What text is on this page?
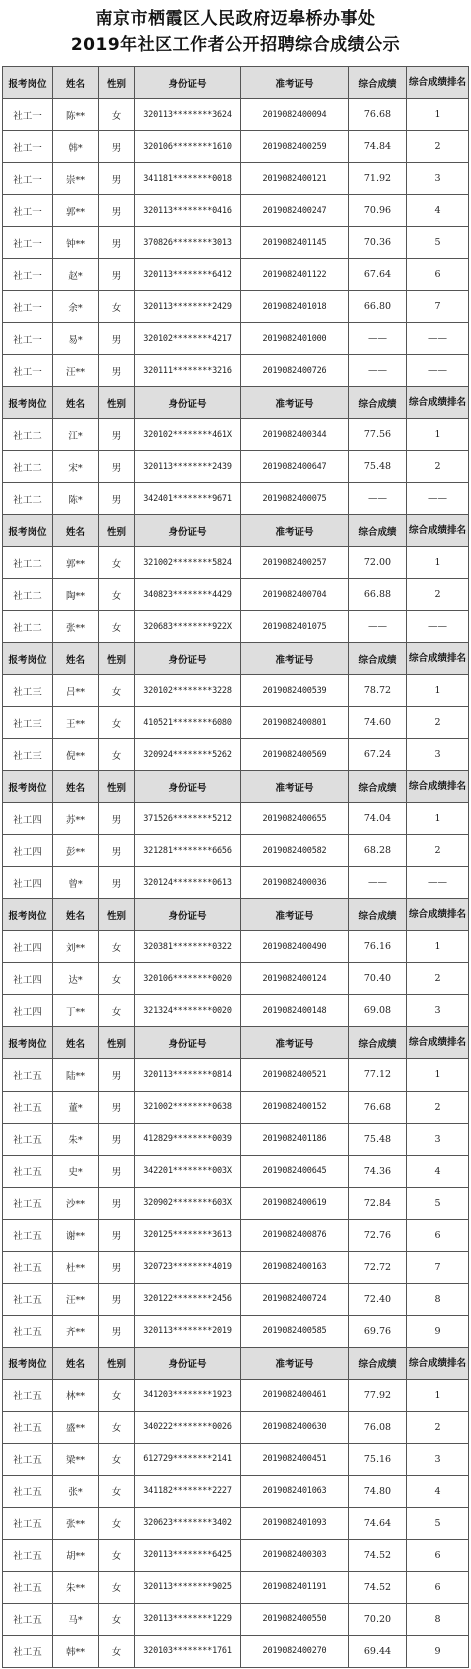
南京市栖霞区人民政府迈皋桥办事处
2019年社区工作者公开招聘综合成绩公示
报考岗位	姓名	性别	身份证号	准考证号	综合成绩	综合成绩排名
社工一	陈**	女	320113********3624	2019082400094	76.68	1
社工一	韩*	男	320106********1610	2019082400259	74.84	2
社工一	崇**	男	341181********0018	2019082400121	71.92	3
社工一	郭**	男	320113********0416	2019082400247	70.96	4
社工一	钟**	男	370826********3013	2019082401145	70.36	5
社工一	赵*	男	320113********6412	2019082401122	67.64	6
社工一	余*	女	320113********2429	2019082401018	66.80	7
社工一	易*	男	320102********4217	2019082401000	——	——
社工一	汪**	男	320111********3216	2019082400726	——	——
报考岗位	姓名	性别	身份证号	准考证号	综合成绩	综合成绩排名
社工二	江*	男	320102********461X	2019082400344	77.56	1
社工二	宋*	男	320113********2439	2019082400647	75.48	2
社工二	陈*	男	342401********9671	2019082400075	——	——
报考岗位	姓名	性别	身份证号	准考证号	综合成绩	综合成绩排名
社工二	郭**	女	321002********5824	2019082400257	72.00	1
社工二	陶**	女	340823********4429	2019082400704	66.88	2
社工二	张**	女	320683********922X	2019082401075	——	——
报考岗位	姓名	性别	身份证号	准考证号	综合成绩	综合成绩排名
社工三	吕**	女	320102********3228	2019082400539	78.72	1
社工三	王**	女	410521********6080	2019082400801	74.60	2
社工三	倪**	女	320924********5262	2019082400569	67.24	3
报考岗位	姓名	性别	身份证号	准考证号	综合成绩	综合成绩排名
社工四	苏**	男	371526********5212	2019082400655	74.04	1
社工四	彭**	男	321281********6656	2019082400582	68.28	2
社工四	曾*	男	320124********0613	2019082400036	——	——
报考岗位	姓名	性别	身份证号	准考证号	综合成绩	综合成绩排名
社工四	刘**	女	320381********0322	2019082400490	76.16	1
社工四	达*	女	320106********0020	2019082400124	70.40	2
社工四	丁**	女	321324********0020	2019082400148	69.08	3
报考岗位	姓名	性别	身份证号	准考证号	综合成绩	综合成绩排名
社工五	陆**	男	320113********0814	2019082400521	77.12	1
社工五	董*	男	321002********0638	2019082400152	76.68	2
社工五	朱*	男	412829********0039	2019082401186	75.48	3
社工五	史*	男	342201********003X	2019082400645	74.36	4
社工五	沙**	男	320902********603X	2019082400619	72.84	5
社工五	谢**	男	320125********3613	2019082400876	72.76	6
社工五	杜**	男	320723********4019	2019082400163	72.72	7
社工五	汪**	男	320122********2456	2019082400724	72.40	8
社工五	齐**	男	320113********2019	2019082400585	69.76	9
报考岗位	姓名	性别	身份证号	准考证号	综合成绩	综合成绩排名
社工五	林**	女	341203********1923	2019082400461	77.92	1
社工五	盛**	女	340222********0026	2019082400630	76.08	2
社工五	梁**	女	612729********2141	2019082400451	75.16	3
社工五	张*	女	341182********2227	2019082401063	74.80	4
社工五	张**	女	320623********3402	2019082401093	74.64	5
社工五	胡**	女	320113********6425	2019082400303	74.52	6
社工五	朱**	女	320113********9025	2019082401191	74.52	6
社工五	马*	女	320113********1229	2019082400550	70.20	8
社工五	韩**	女	320103********1761	2019082400270	69.44	9
